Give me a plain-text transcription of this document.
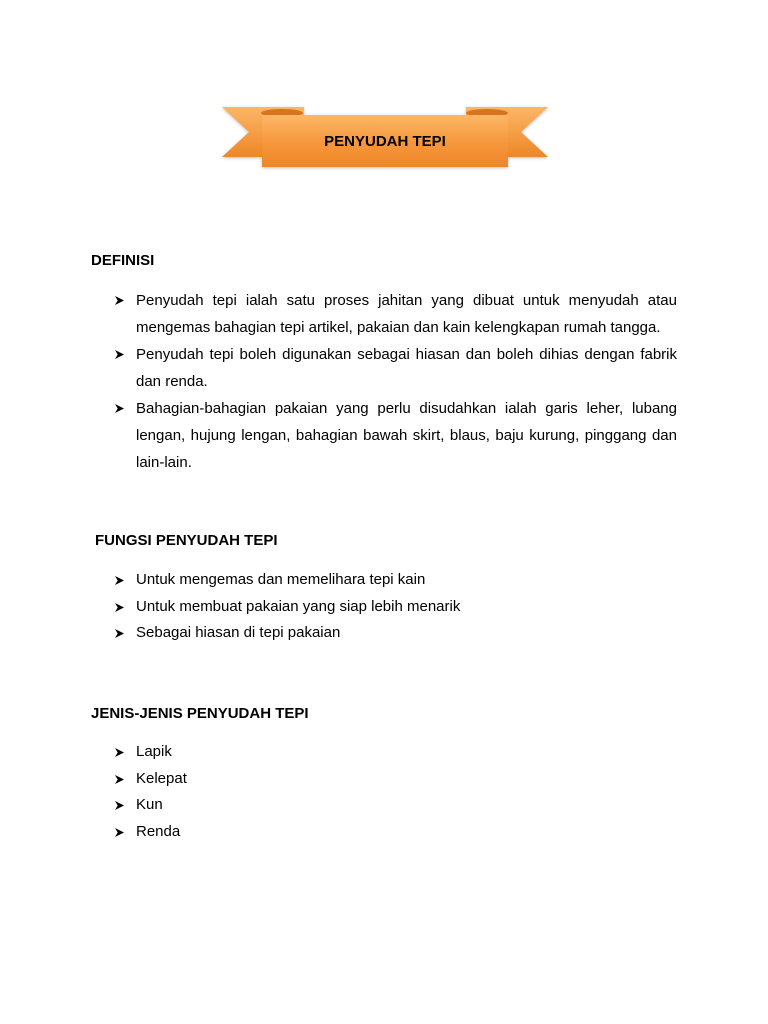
PENYUDAH TEPI
DEFINISI
Penyudah tepi ialah satu proses jahitan yang dibuat untuk menyudah atau mengemas bahagian tepi artikel, pakaian dan kain kelengkapan rumah tangga.
Penyudah tepi boleh digunakan sebagai hiasan dan boleh dihias dengan fabrik dan renda.
Bahagian-bahagian pakaian yang perlu disudahkan ialah garis leher, lubang lengan, hujung lengan, bahagian bawah skirt, blaus, baju kurung, pinggang dan lain-lain.
FUNGSI PENYUDAH TEPI
Untuk mengemas dan memelihara tepi kain
Untuk membuat pakaian yang siap lebih menarik
Sebagai hiasan di tepi pakaian
JENIS-JENIS PENYUDAH TEPI
Lapik
Kelepat
Kun
Renda
